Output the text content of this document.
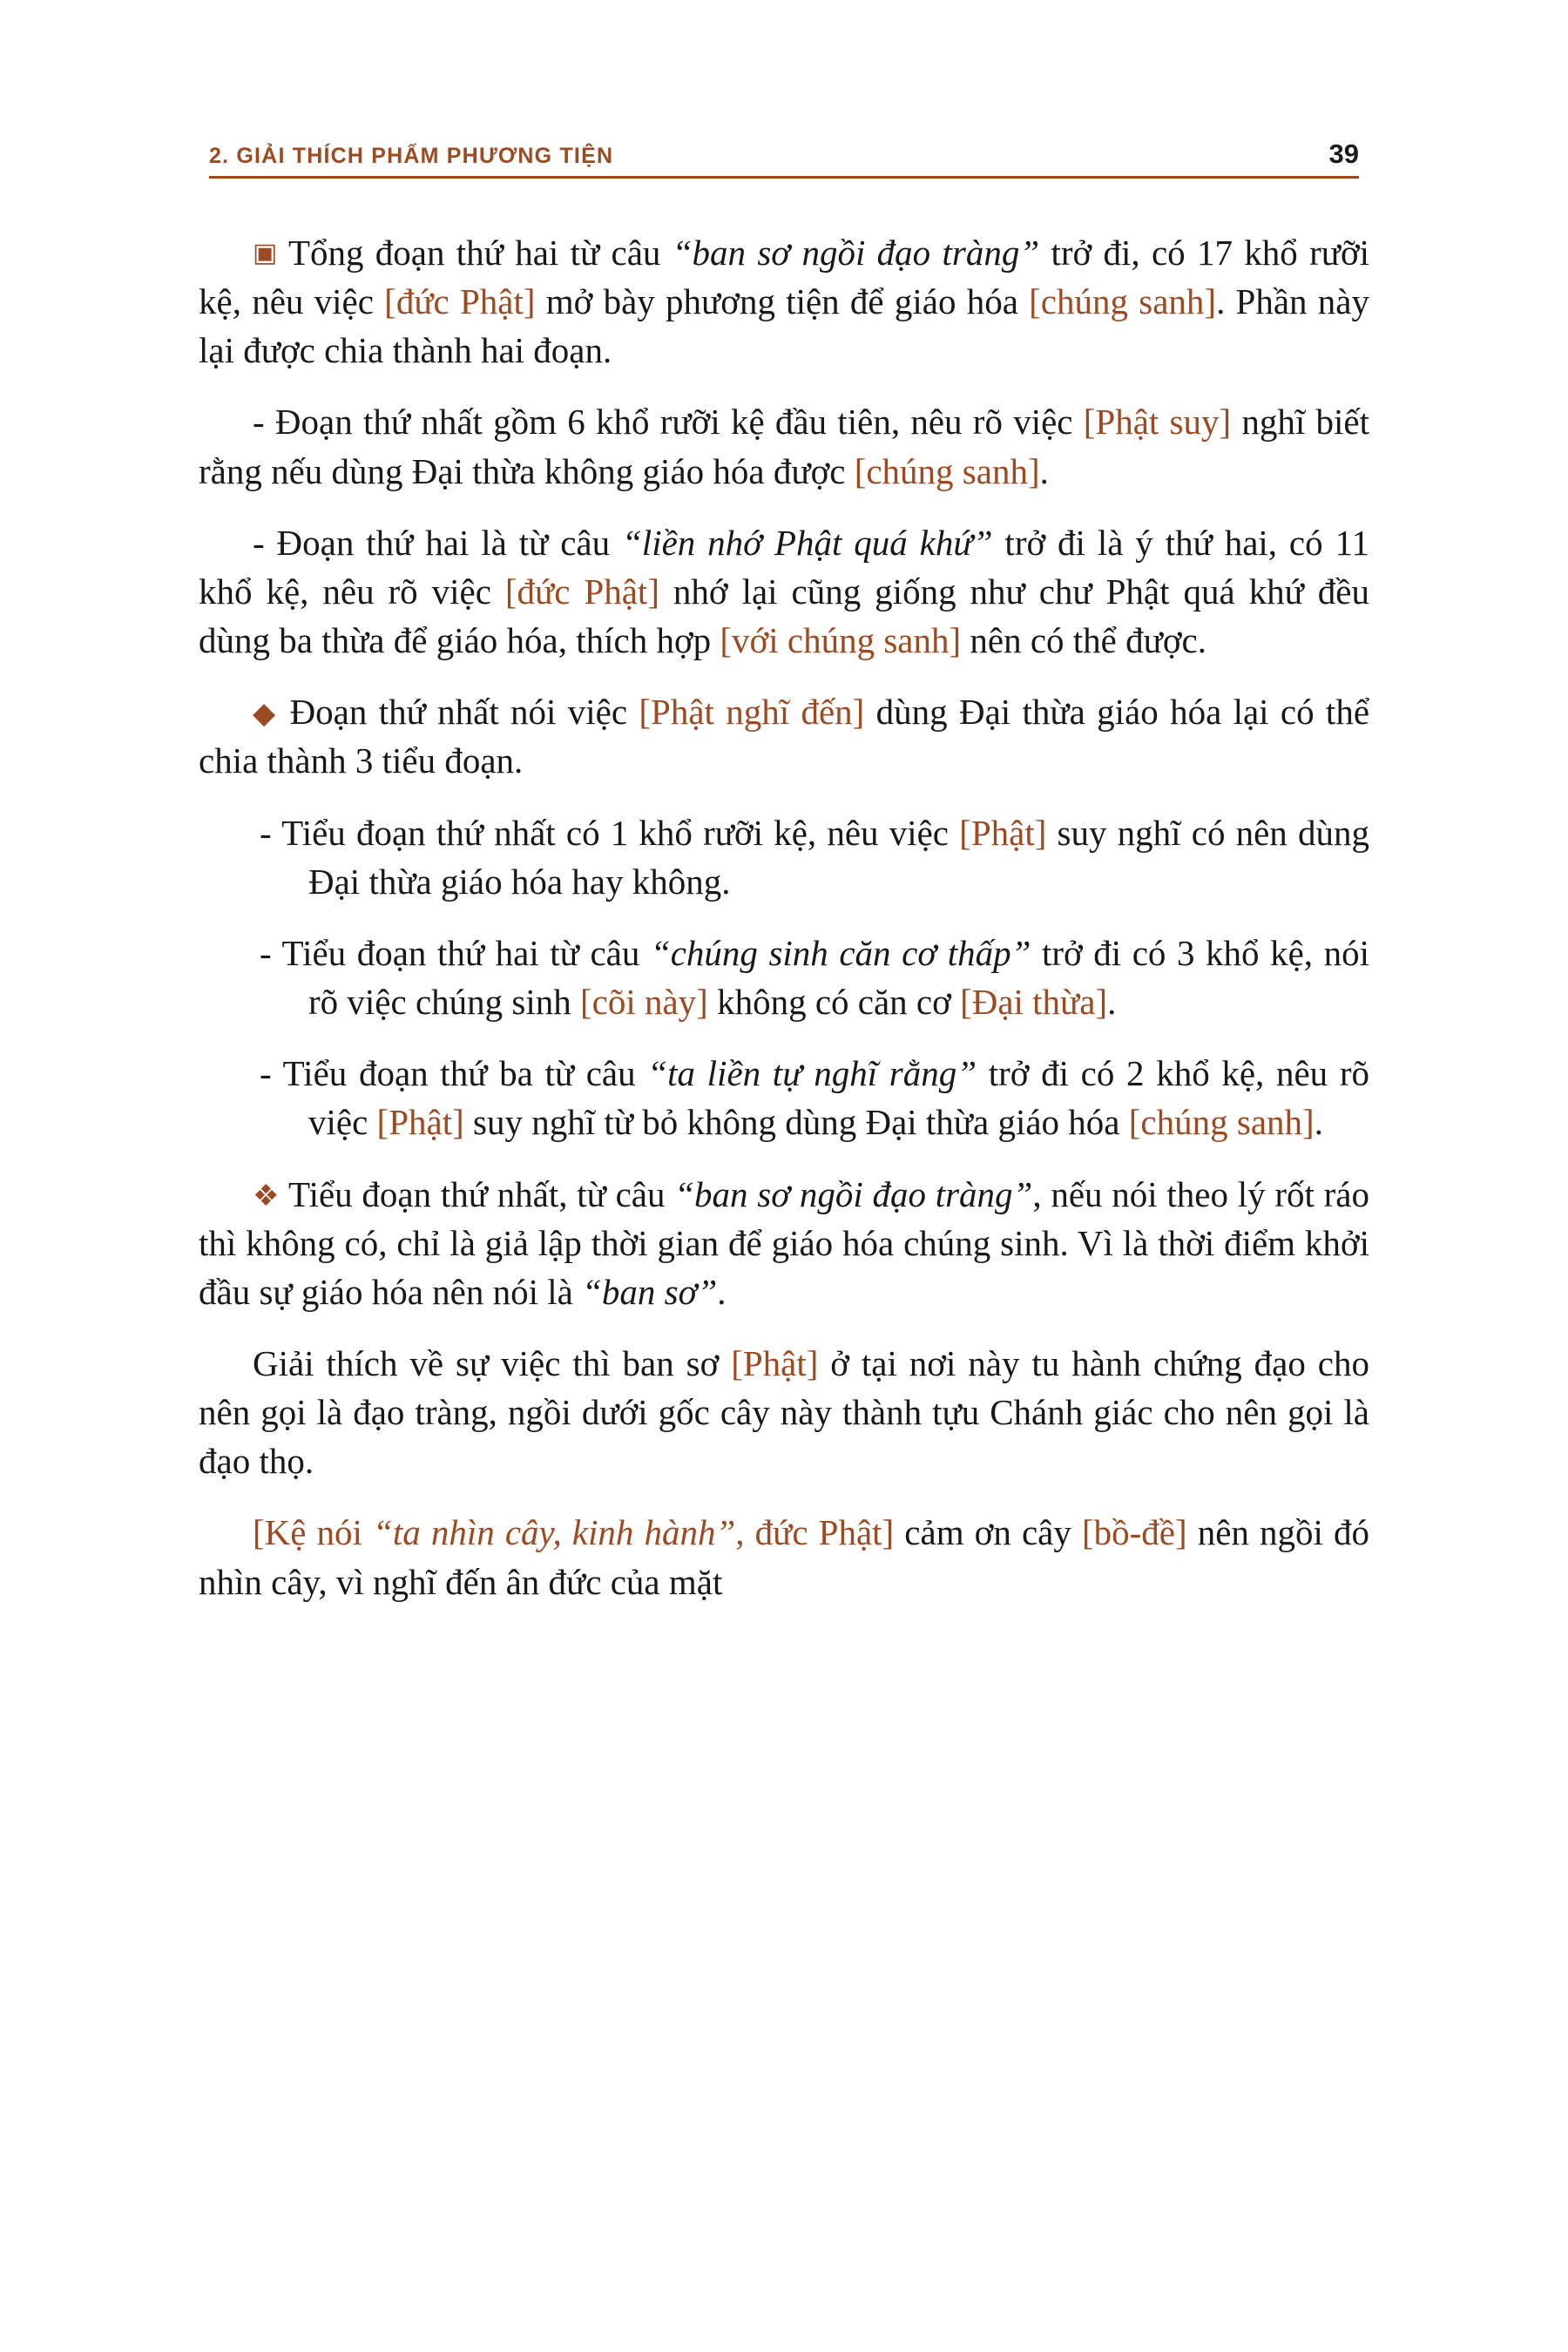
2. GIẢI THÍCH PHẨM PHƯƠNG TIỆN	39

▣ Tổng đoạn thứ hai từ câu “ban sơ ngồi đạo tràng” trở đi, có 17 khổ rưỡi kệ, nêu việc [đức Phật] mở bày phương tiện để giáo hóa [chúng sanh]. Phần này lại được chia thành hai đoạn.

- Đoạn thứ nhất gồm 6 khổ rưỡi kệ đầu tiên, nêu rõ việc [Phật suy] nghĩ biết rằng nếu dùng Đại thừa không giáo hóa được [chúng sanh].

- Đoạn thứ hai là từ câu “liền nhớ Phật quá khứ” trở đi là ý thứ hai, có 11 khổ kệ, nêu rõ việc [đức Phật] nhớ lại cũng giống như chư Phật quá khứ đều dùng ba thừa để giáo hóa, thích hợp [với chúng sanh] nên có thể được.

◆ Đoạn thứ nhất nói việc [Phật nghĩ đến] dùng Đại thừa giáo hóa lại có thể chia thành 3 tiểu đoạn.

- Tiểu đoạn thứ nhất có 1 khổ rưỡi kệ, nêu việc [Phật] suy nghĩ có nên dùng Đại thừa giáo hóa hay không.

- Tiểu đoạn thứ hai từ câu “chúng sinh căn cơ thấp” trở đi có 3 khổ kệ, nói rõ việc chúng sinh [cõi này] không có căn cơ [Đại thừa].

- Tiểu đoạn thứ ba từ câu “ta liền tự nghĩ rằng” trở đi có 2 khổ kệ, nêu rõ việc [Phật] suy nghĩ từ bỏ không dùng Đại thừa giáo hóa [chúng sanh].

❖ Tiểu đoạn thứ nhất, từ câu “ban sơ ngồi đạo tràng”, nếu nói theo lý rốt ráo thì không có, chỉ là giả lập thời gian để giáo hóa chúng sinh. Vì là thời điểm khởi đầu sự giáo hóa nên nói là “ban sơ”.

Giải thích về sự việc thì ban sơ [Phật] ở tại nơi này tu hành chứng đạo cho nên gọi là đạo tràng, ngồi dưới gốc cây này thành tựu Chánh giác cho nên gọi là đạo thọ.

[Kệ nói “ta nhìn cây, kinh hành”, đức Phật] cảm ơn cây [bồ-đề] nên ngồi đó nhìn cây, vì nghĩ đến ân đức của mặt
